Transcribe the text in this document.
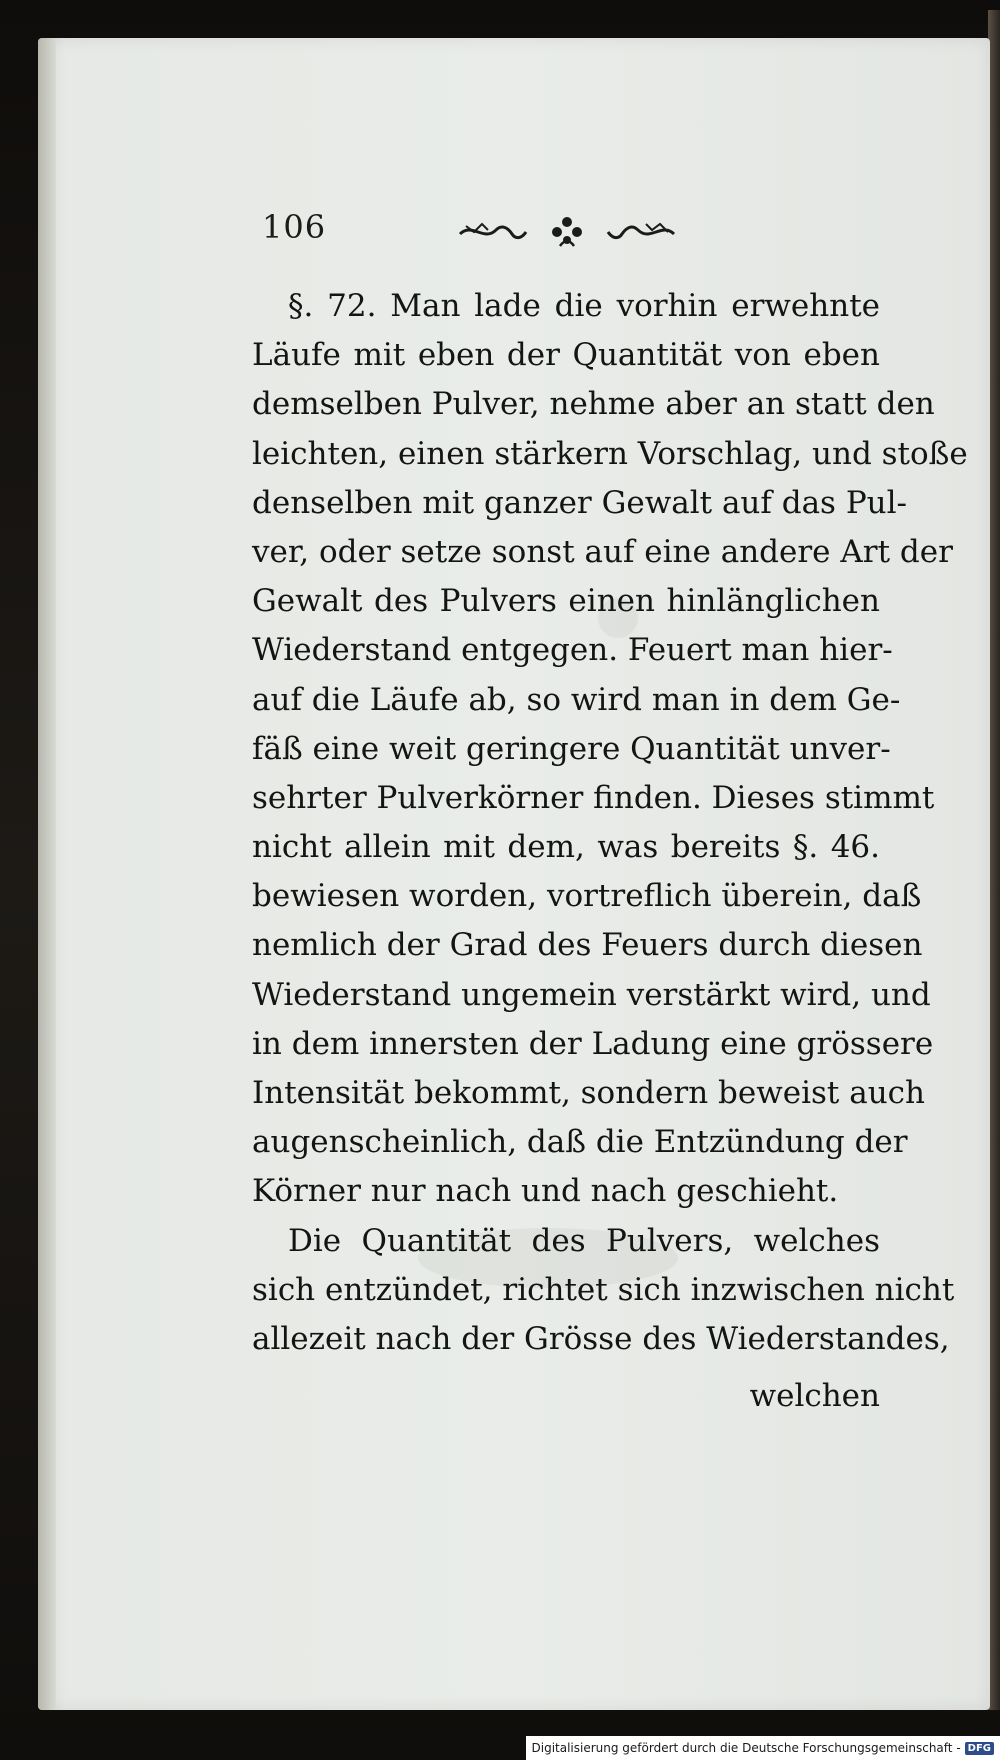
106
§. 72. Man lade die vorhin erwehnte
Läufe mit eben der Quantität von eben
demselben Pulver, nehme aber an statt den
leichten, einen stärkern Vorschlag, und stoße
denselben mit ganzer Gewalt auf das Pul-
ver, oder setze sonst auf eine andere Art der
Gewalt des Pulvers einen hinlänglichen
Wiederstand entgegen. Feuert man hier-
auf die Läufe ab, so wird man in dem Ge-
fäß eine weit geringere Quantität unver-
sehrter Pulverkörner finden. Dieses stimmt
nicht allein mit dem, was bereits §. 46.
bewiesen worden, vortreflich überein, daß
nemlich der Grad des Feuers durch diesen
Wiederstand ungemein verstärkt wird, und
in dem innersten der Ladung eine grössere
Intensität bekommt, sondern beweist auch
augenscheinlich, daß die Entzündung der
Körner nur nach und nach geschieht.
Die Quantität des Pulvers, welches
sich entzündet, richtet sich inzwischen nicht
allezeit nach der Grösse des Wiederstandes,
welchen
Digitalisierung gefördert durch die Deutsche Forschungsgemeinschaft - DFG
